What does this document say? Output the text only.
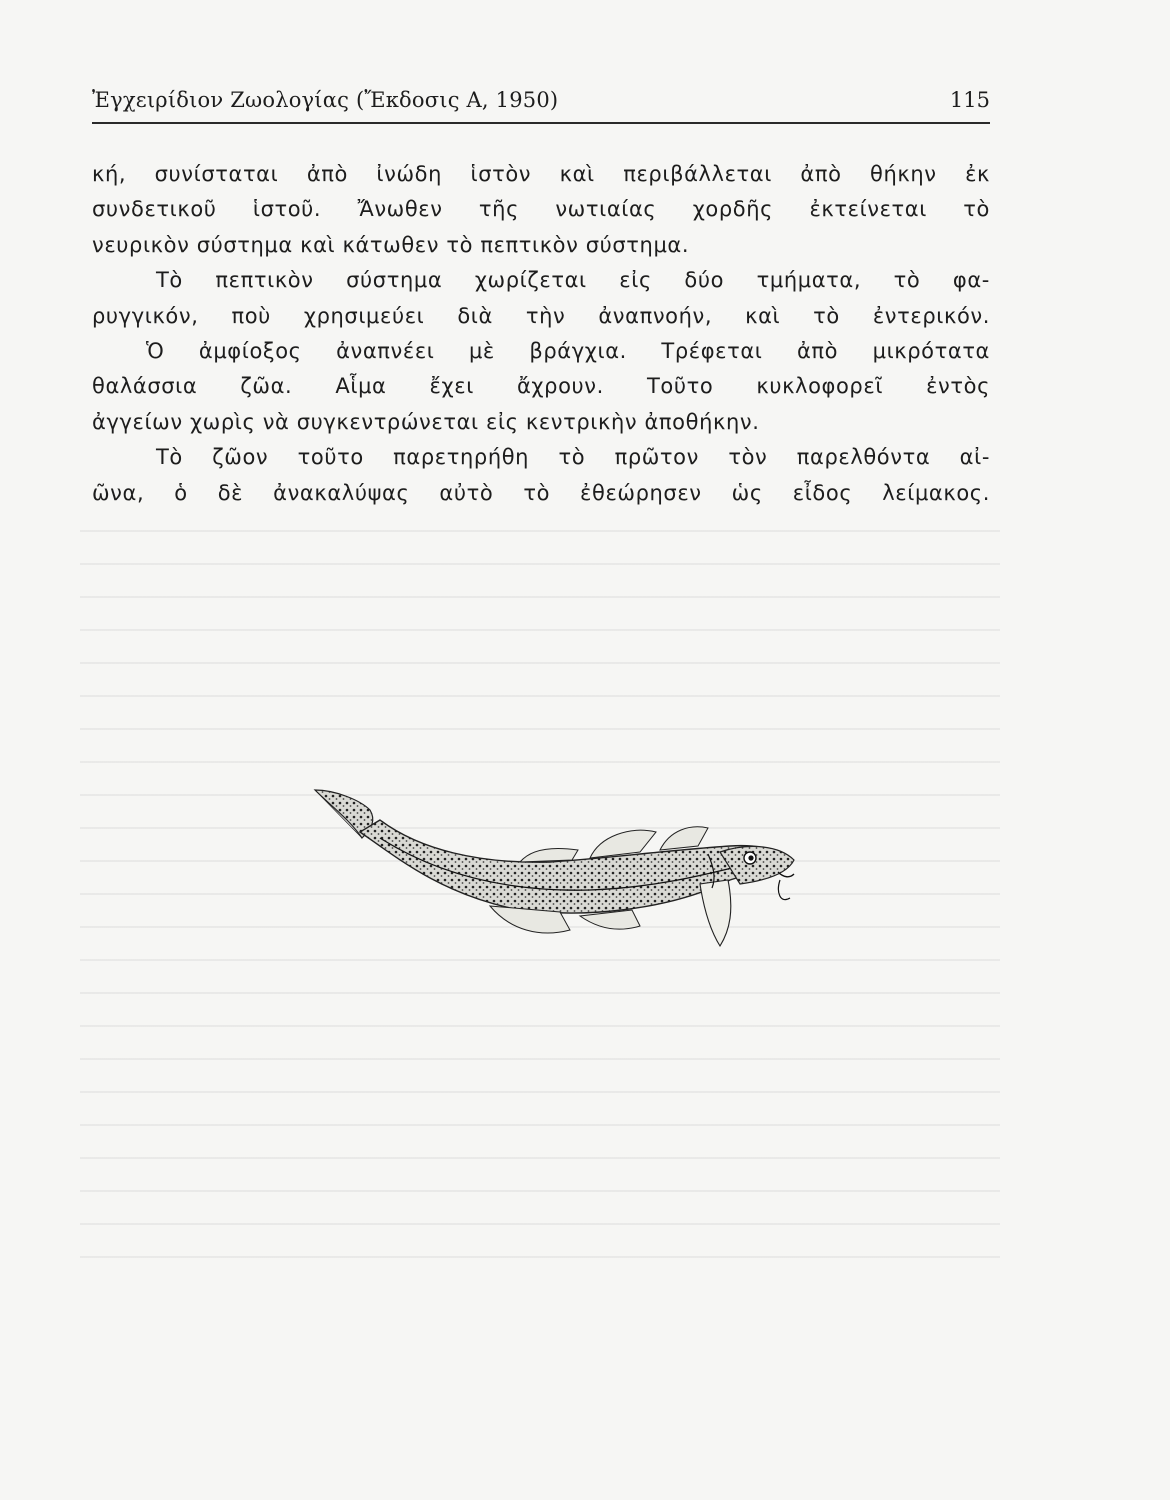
Ἐγχειρίδιον Ζωολογίας (Ἔκδοσις Α, 1950)	115
κή, συνίσταται ἀπὸ ἰνώδη ἱστὸν καὶ περιβάλλεται ἀπὸ θήκην ἐκ
συνδετικοῦ ἱστοῦ. Ἄνωθεν τῆς νωτιαίας χορδῆς ἐκτείνεται τὸ
νευρικὸν σύστημα καὶ κάτωθεν τὸ πεπτικὸν σύστημα.
Τὸ πεπτικὸν σύστημα χωρίζεται εἰς δύο τμήματα, τὸ φα-
ρυγγικόν, ποὺ χρησιμεύει διὰ τὴν ἀναπνοήν, καὶ τὸ ἐντερικόν.
Ὁ ἀμφίοξος ἀναπνέει μὲ βράγχια. Τρέφεται ἀπὸ μικρότατα
θαλάσσια ζῶα. Αἷμα ἔχει ἄχρουν. Τοῦτο κυκλοφορεῖ ἐντὸς
ἀγγείων χωρὶς νὰ συγκεντρώνεται εἰς κεντρικὴν ἀποθήκην.
Τὸ ζῶον τοῦτο παρετηρήθη τὸ πρῶτον τὸν παρελθόντα αἰ-
ῶνα, ὁ δὲ ἀνακαλύψας αὐτὸ τὸ ἐθεώρησεν ὡς εἶδος λείμακος.
